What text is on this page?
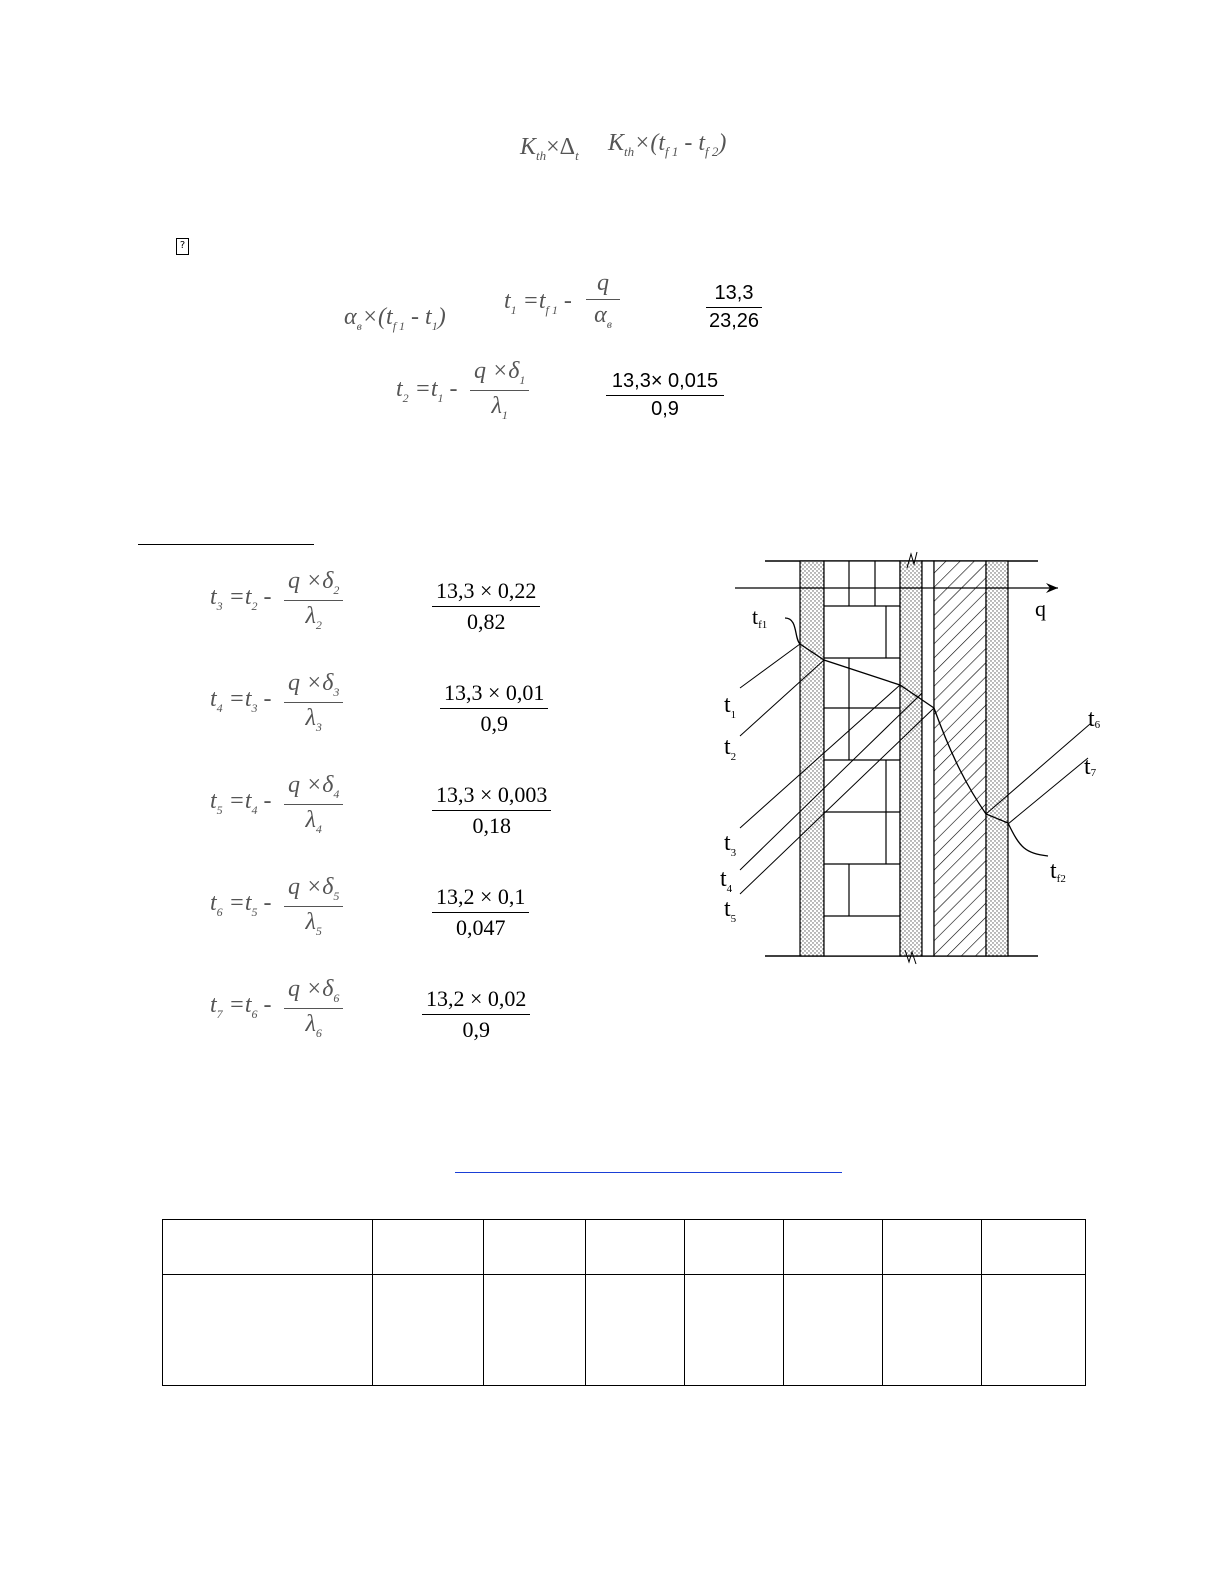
$K_{th}\times\Delta_t$ $K_{th}\times(t_{f 1} - t_{f 2})$
?
$\alpha_в\times(t_{f 1} - t_1)$
$t_1 =t_{f 1}$ -
q
$\alpha_в$	$\frac{13,3}{23,26}$
$t_2 =t_1 - \frac{q \times\delta_1}{\lambda_1}$	$\frac{13,3\times 0,015}{0,9}$
$t_3 =t_2 - \frac{q \times\delta_2}{\lambda_2}$	$\frac{13,3 \times 0,22}{0,82}$
$t_4 =t_3 - \frac{q \times\delta_3}{\lambda_3}$	$\frac{13,3 \times 0,01}{0,9}$
$t_5 =t_4 - \frac{q \times\delta_4}{\lambda_4}$	$\frac{13,3 \times 0,003}{0,18}$
$t_6 =t_5 - \frac{q \times\delta_5}{\lambda_5}$	$\frac{13,2 \times 0,1}{0,047}$
$t_7 =t_6 - \frac{q \times\delta_6}{\lambda_6}$	$\frac{13,2 \times 0,02}{0,9}$
q
tf1
$t_1$
$t_2$
$t_3$
$t_4$
$t_5$
t6
t7
tf2
